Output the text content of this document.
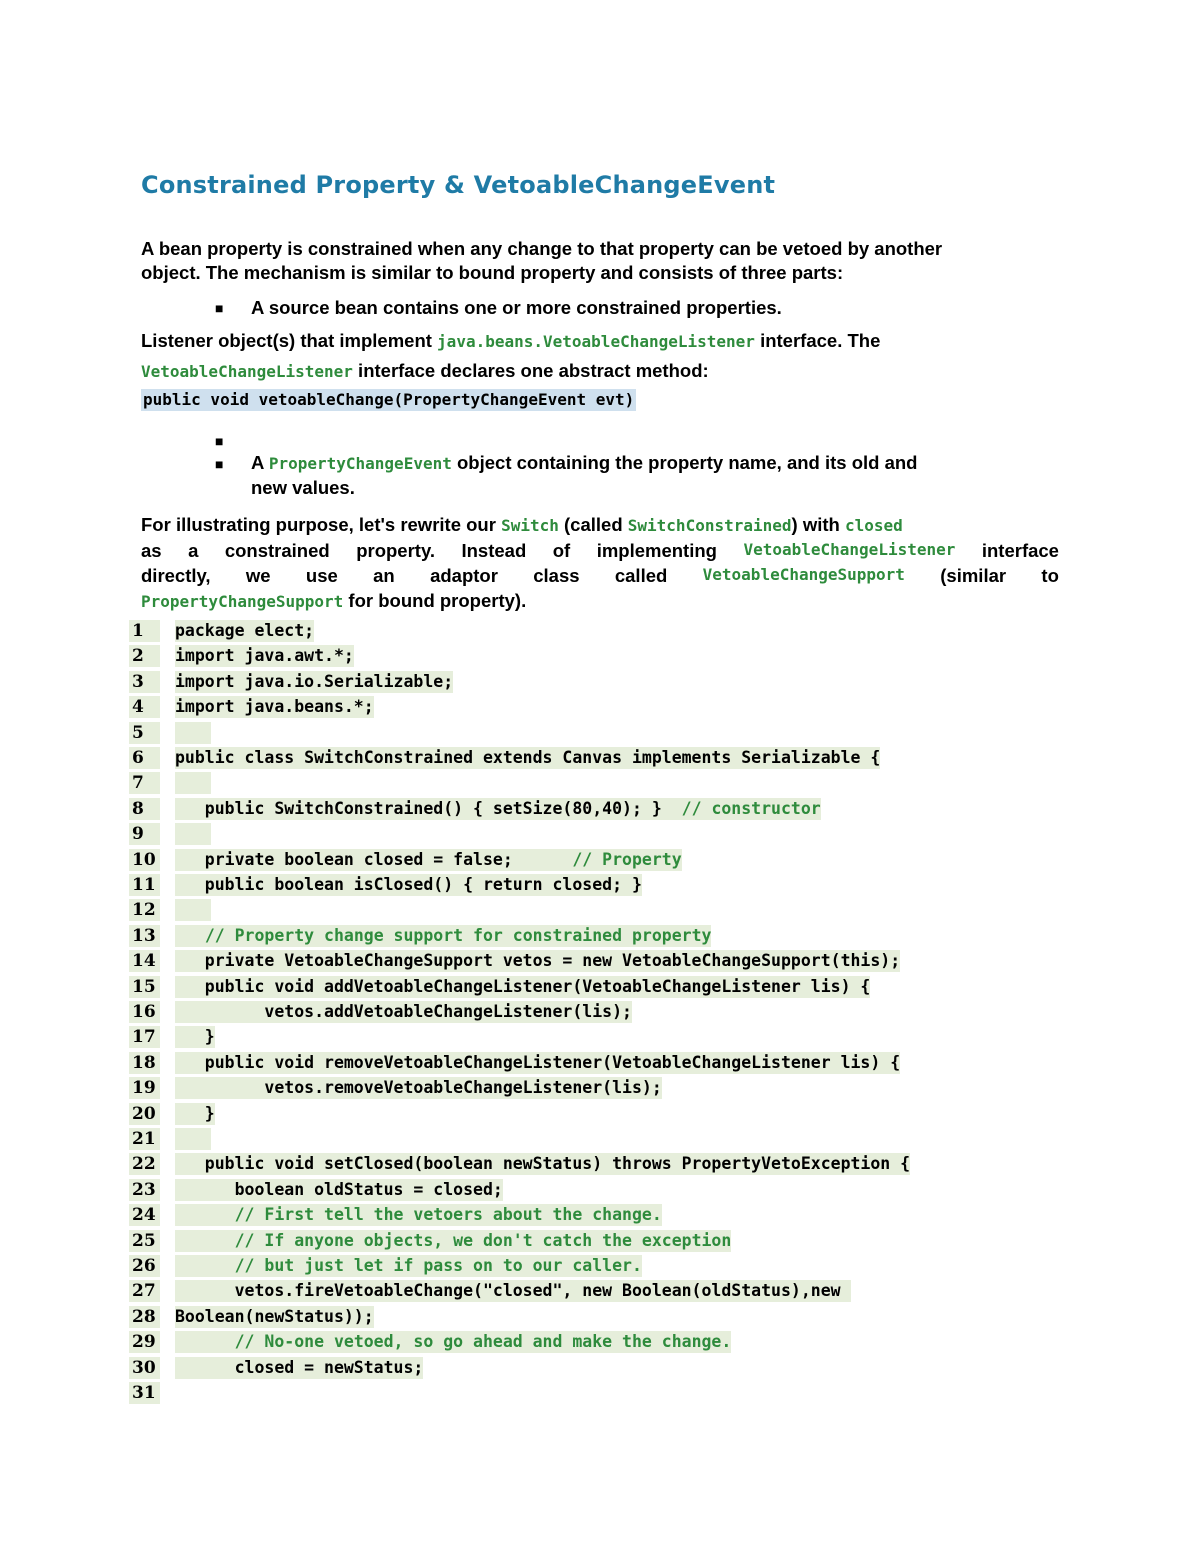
Constrained Property & VetoableChangeEvent
A bean property is constrained when any change to that property can be vetoed by another
object. The mechanism is similar to bound property and consists of three parts:
■ A source bean contains one or more constrained properties.
Listener object(s) that implement java.beans.VetoableChangeListener interface. The
VetoableChangeListener interface declares one abstract method:
public void vetoableChange(PropertyChangeEvent evt)
■
■ A PropertyChangeEvent object containing the property name, and its old and
new values.
For illustrating purpose, let's rewrite our Switch (called SwitchConstrained) with closed
as a constrained property. Instead of implementing VetoableChangeListener interface
directly, we use an adaptor class called VetoableChangeSupport (similar to
PropertyChangeSupport for bound property).
1	package elect;
2	import java.awt.*;
3	import java.io.Serializable;
4	import java.beans.*;
5
6	public class SwitchConstrained extends Canvas implements Serializable {
7
8	public SwitchConstrained() { setSize(80,40); }  // constructor
9
10 private boolean closed = false;      // Property
11 public boolean isClosed() { return closed; }
12
13	// Property change support for constrained property
14 private VetoableChangeSupport vetos = new VetoableChangeSupport(this);
15 public void addVetoableChangeListener(VetoableChangeListener lis) {
16 vetos.addVetoableChangeListener(lis);
17 }
18 public void removeVetoableChangeListener(VetoableChangeListener lis) {
19 vetos.removeVetoableChangeListener(lis);
20 }
21
22 public void setClosed(boolean newStatus) throws PropertyVetoException {
23 boolean oldStatus = closed;
24	// First tell the vetoers about the change.
25	// If anyone objects, we don't catch the exception
26	// but just let if pass on to our caller.
27 vetos.fireVetoableChange("closed", new Boolean(oldStatus),new
28 Boolean(newStatus));
29	// No-one vetoed, so go ahead and make the change.
30 closed = newStatus;
31
